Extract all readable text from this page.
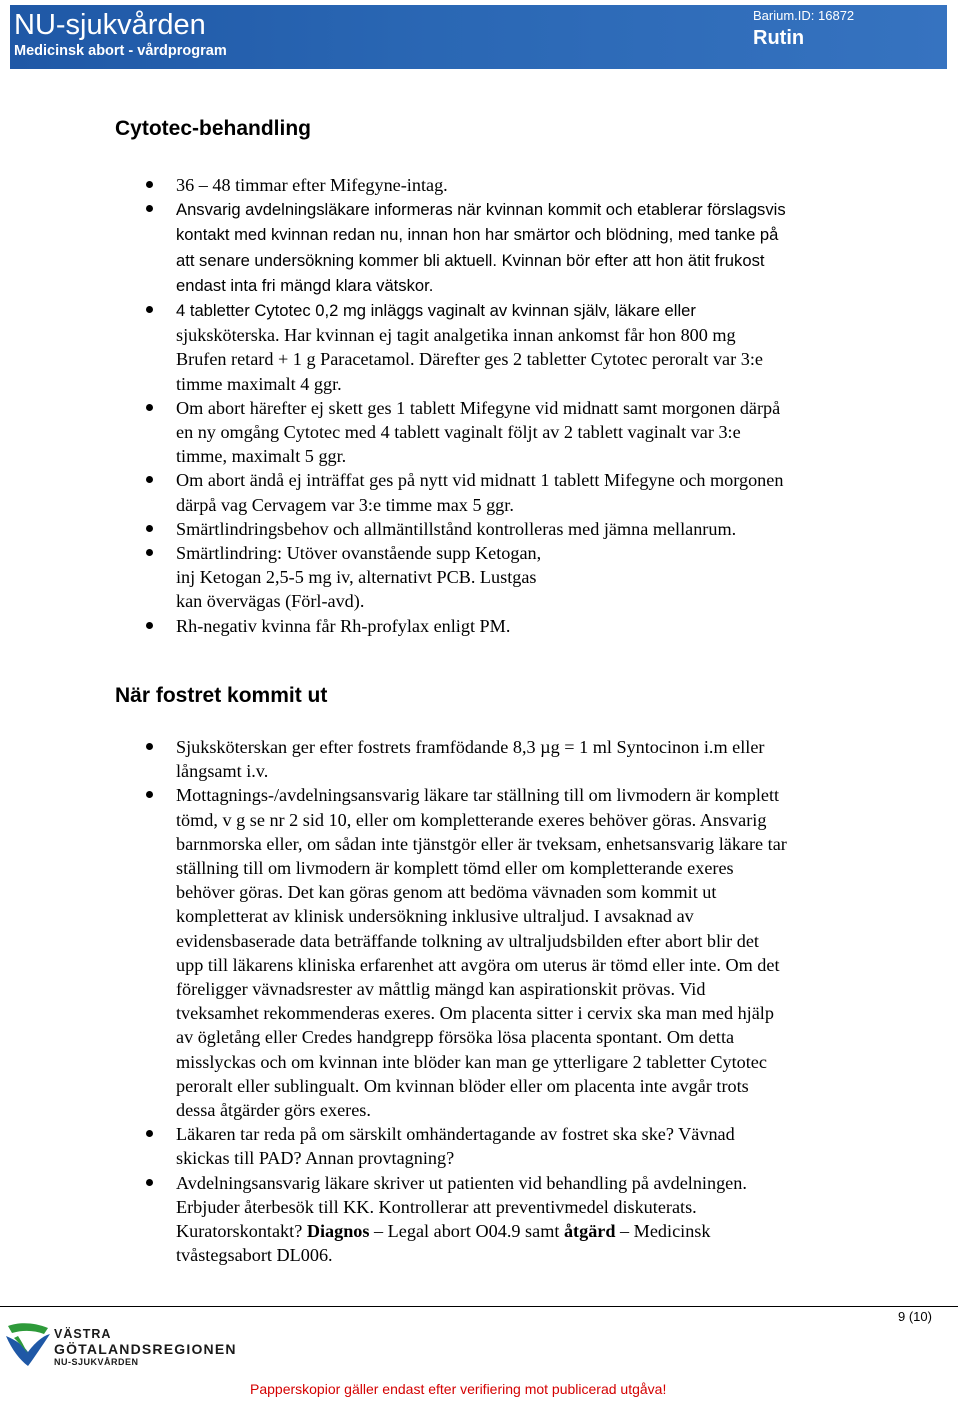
NU-sjukvården
Medicinsk abort - vårdprogram
Barium.ID: 16872
Rutin
Cytotec-behandling
36 – 48 timmar efter Mifegyne-intag.
Ansvarig avdelningsläkare informeras när kvinnan kommit och etablerar förslagsvis kontakt med kvinnan redan nu, innan hon har smärtor och blödning, med tanke på att senare undersökning kommer bli aktuell. Kvinnan bör efter att hon ätit frukost endast inta fri mängd klara vätskor.
4 tabletter Cytotec 0,2 mg inläggs vaginalt av kvinnan själv, läkare eller sjuksköterska. Har kvinnan ej tagit analgetika innan ankomst får hon 800 mg Brufen retard + 1 g Paracetamol. Därefter ges 2 tabletter Cytotec peroralt var 3:e timme maximalt 4 ggr.
Om abort härefter ej skett ges 1 tablett Mifegyne vid midnatt samt morgonen därpå en ny omgång Cytotec med 4 tablett vaginalt följt av 2 tablett vaginalt var 3:e timme, maximalt 5 ggr.
Om abort ändå ej inträffat ges på nytt vid midnatt 1 tablett Mifegyne och morgonen därpå vag Cervagem var 3:e timme max 5 ggr.
Smärtlindringsbehov och allmäntillstånd kontrolleras med jämna mellanrum.
Smärtlindring: Utöver ovanstående supp Ketogan,
inj Ketogan 2,5-5 mg iv, alternativt PCB. Lustgas
kan övervägas (Förl-avd).
Rh-negativ kvinna får Rh-profylax enligt PM.
När fostret kommit ut
Sjuksköterskan ger efter fostrets framfödande 8,3 µg = 1 ml Syntocinon i.m eller långsamt i.v.
Mottagnings-/avdelningsansvarig läkare tar ställning till om livmodern är komplett tömd, v g se nr 2 sid 10, eller om kompletterande exeres behöver göras. Ansvarig barnmorska eller, om sådan inte tjänstgör eller är tveksam, enhetsansvarig läkare tar ställning till om livmodern är komplett tömd eller om kompletterande exeres behöver göras. Det kan göras genom att bedöma vävnaden som kommit ut kompletterat av klinisk undersökning inklusive ultraljud. I avsaknad av evidensbaserade data beträffande tolkning av ultraljudsbilden efter abort blir det upp till läkarens kliniska erfarenhet att avgöra om uterus är tömd eller inte. Om det föreligger vävnadsrester av måttlig mängd kan aspirationskit prövas. Vid tveksamhet rekommenderas exeres. Om placenta sitter i cervix ska man med hjälp av ögletång eller Credes handgrepp försöka lösa placenta spontant. Om detta misslyckas och om kvinnan inte blöder kan man ge ytterligare 2 tabletter Cytotec peroralt eller sublingualt. Om kvinnan blöder eller om placenta inte avgår trots dessa åtgärder görs exeres.
Läkaren tar reda på om särskilt omhändertagande av fostret ska ske? Vävnad skickas till PAD? Annan provtagning?
Avdelningsansvarig läkare skriver ut patienten vid behandling på avdelningen. Erbjuder återbesök till KK. Kontrollerar att preventivmedel diskuterats. Kuratorskontakt? Diagnos – Legal abort O04.9 samt åtgärd – Medicinsk tvåstegsabort DL006.
9 (10)
VÄSTRA
GÖTALANDSREGIONEN
NU-SJUKVÅRDEN
Papperskopior gäller endast efter verifiering mot publicerad utgåva!
